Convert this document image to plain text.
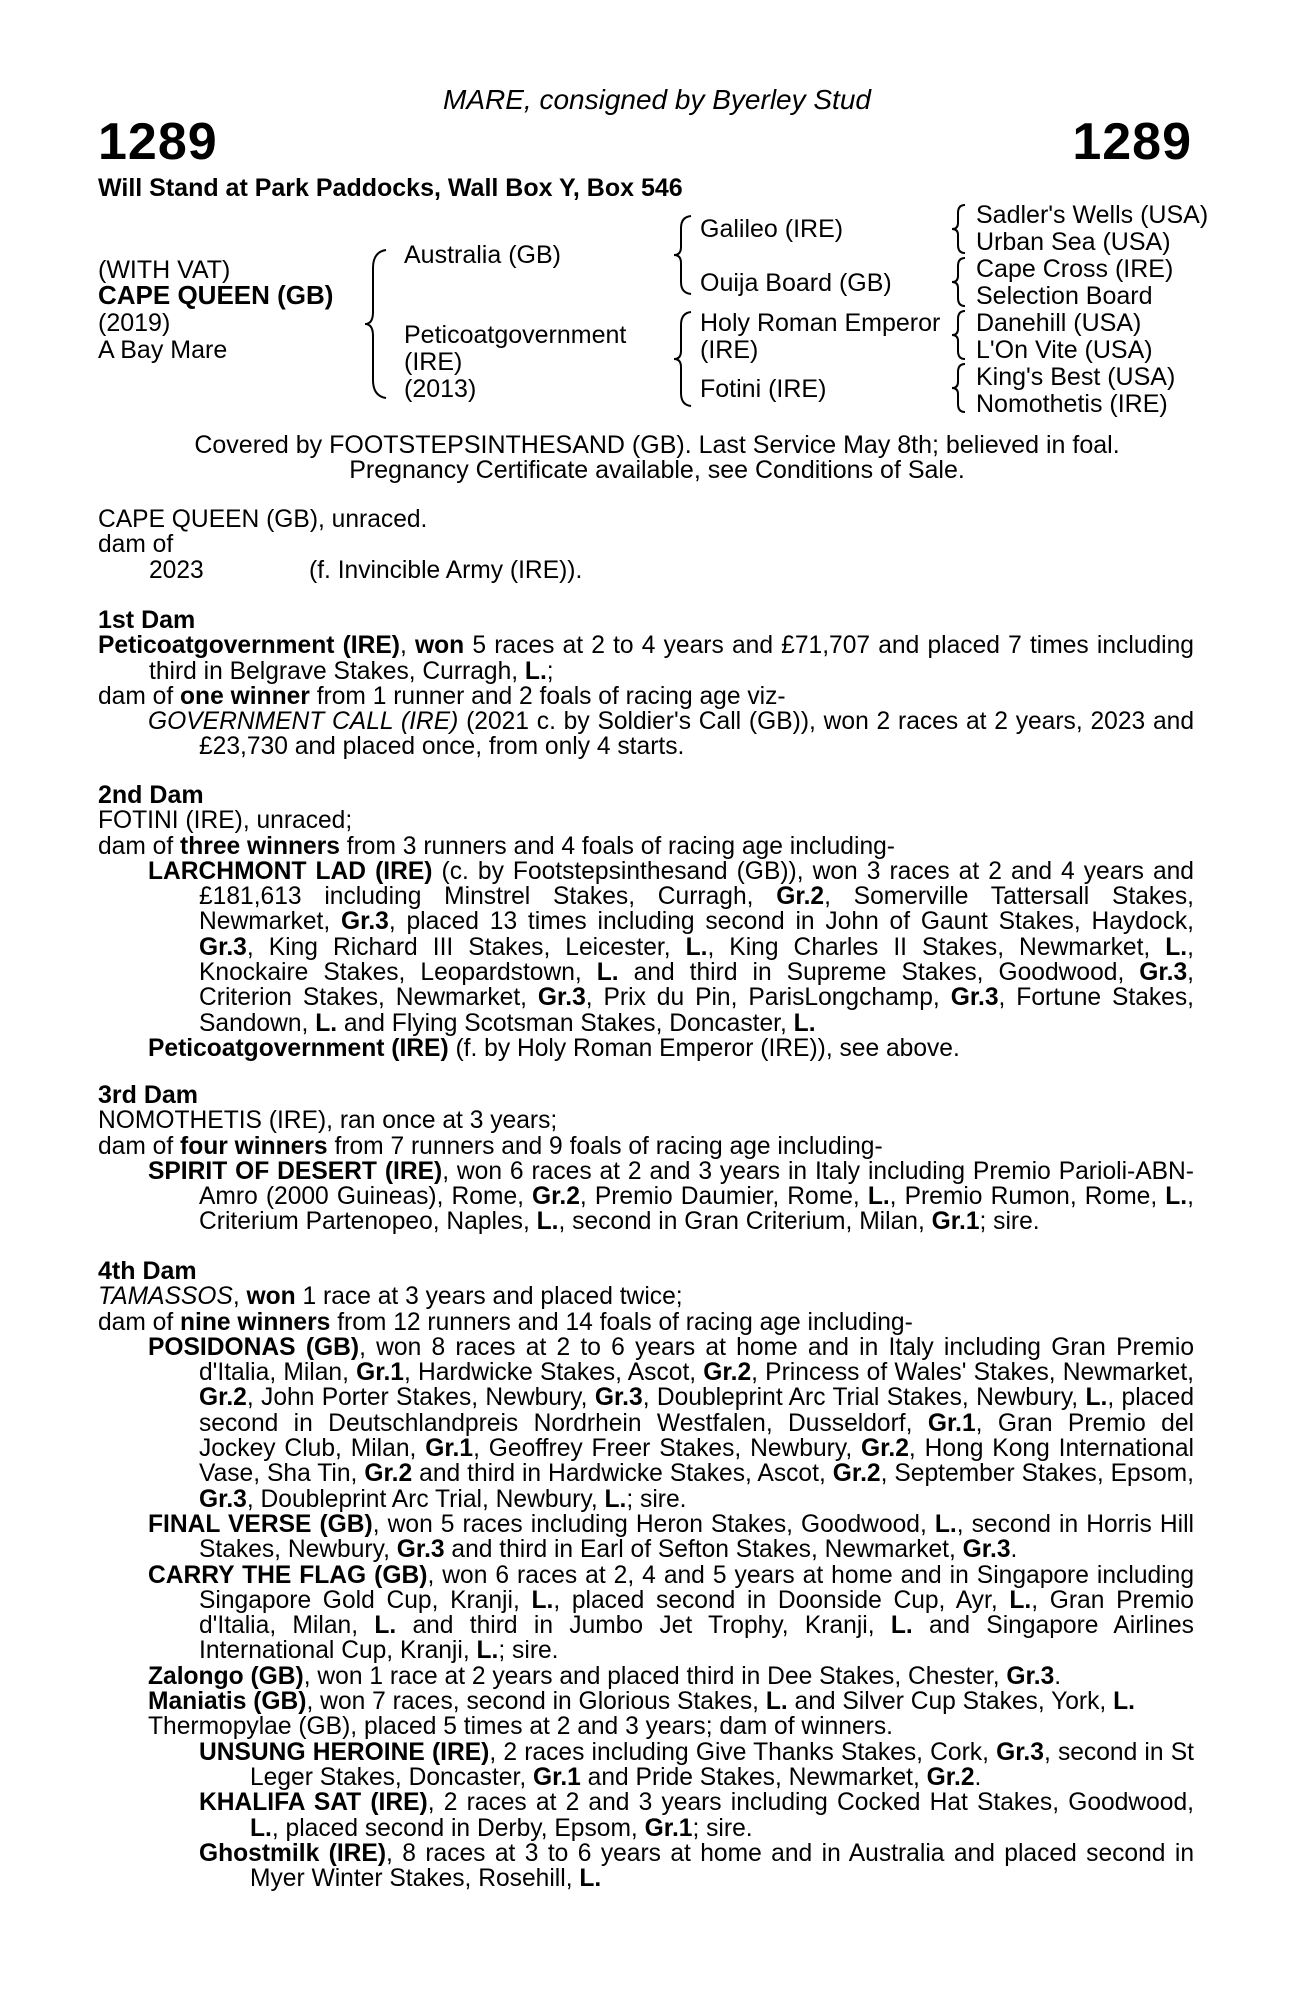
MARE, consigned by Byerley Stud
1289	1289
Will Stand at Park Paddocks, Wall Box Y, Box 546
(WITH VAT)
CAPE QUEEN (GB)
(2019)
A Bay Mare
Australia (GB)
Peticoatgovernment
(IRE)
(2013)
Galileo (IRE)
Ouija Board (GB)
Holy Roman Emperor
(IRE)
Fotini (IRE)
Sadler's Wells (USA)
Urban Sea (USA)
Cape Cross (IRE)
Selection Board
Danehill (USA)
L'On Vite (USA)
King's Best (USA)
Nomothetis (IRE)
Covered by FOOTSTEPSINTHESAND (GB). Last Service May 8th; believed in foal.
Pregnancy Certificate available, see Conditions of Sale.

CAPE QUEEN (GB), unraced.

dam of

2023	(f. Invincible Army (IRE)).

1st Dam

Peticoatgovernment (IRE), won 5 races at 2 to 4 years and £71,707 and placed 7 times including third in Belgrave Stakes, Curragh, L.;

dam of one winner from 1 runner and 2 foals of racing age viz-

GOVERNMENT CALL (IRE) (2021 c. by Soldier's Call (GB)), won 2 races at 2 years, 2023 and £23,730 and placed once, from only 4 starts.

2nd Dam

FOTINI (IRE), unraced;

dam of three winners from 3 runners and 4 foals of racing age including-

LARCHMONT LAD (IRE) (c. by Footstepsinthesand (GB)), won 3 races at 2 and 4 years and £181,613 including Minstrel Stakes, Curragh, Gr.2, Somerville Tattersall Stakes, Newmarket, Gr.3, placed 13 times including second in John of Gaunt Stakes, Haydock, Gr.3, King Richard III Stakes, Leicester, L., King Charles II Stakes, Newmarket, L., Knockaire Stakes, Leopardstown, L. and third in Supreme Stakes, Goodwood, Gr.3, Criterion Stakes, Newmarket, Gr.3, Prix du Pin, ParisLongchamp, Gr.3, Fortune Stakes, Sandown, L. and Flying Scotsman Stakes, Doncaster, L.

Peticoatgovernment (IRE) (f. by Holy Roman Emperor (IRE)), see above.

3rd Dam

NOMOTHETIS (IRE), ran once at 3 years;

dam of four winners from 7 runners and 9 foals of racing age including-

SPIRIT OF DESERT (IRE), won 6 races at 2 and 3 years in Italy including Premio Parioli-ABN-Amro (2000 Guineas), Rome, Gr.2, Premio Daumier, Rome, L., Premio Rumon, Rome, L., Criterium Partenopeo, Naples, L., second in Gran Criterium, Milan, Gr.1; sire.

4th Dam

TAMASSOS, won 1 race at 3 years and placed twice;

dam of nine winners from 12 runners and 14 foals of racing age including-

POSIDONAS (GB), won 8 races at 2 to 6 years at home and in Italy including Gran Premio d'Italia, Milan, Gr.1, Hardwicke Stakes, Ascot, Gr.2, Princess of Wales' Stakes, Newmarket, Gr.2, John Porter Stakes, Newbury, Gr.3, Doubleprint Arc Trial Stakes, Newbury, L., placed second in Deutschlandpreis Nordrhein Westfalen, Dusseldorf, Gr.1, Gran Premio del Jockey Club, Milan, Gr.1, Geoffrey Freer Stakes, Newbury, Gr.2, Hong Kong International Vase, Sha Tin, Gr.2 and third in Hardwicke Stakes, Ascot, Gr.2, September Stakes, Epsom, Gr.3, Doubleprint Arc Trial, Newbury, L.; sire.

FINAL VERSE (GB), won 5 races including Heron Stakes, Goodwood, L., second in Horris Hill Stakes, Newbury, Gr.3 and third in Earl of Sefton Stakes, Newmarket, Gr.3.

CARRY THE FLAG (GB), won 6 races at 2, 4 and 5 years at home and in Singapore including Singapore Gold Cup, Kranji, L., placed second in Doonside Cup, Ayr, L., Gran Premio d'Italia, Milan, L. and third in Jumbo Jet Trophy, Kranji, L. and Singapore Airlines International Cup, Kranji, L.; sire.

Zalongo (GB), won 1 race at 2 years and placed third in Dee Stakes, Chester, Gr.3.

Maniatis (GB), won 7 races, second in Glorious Stakes, L. and Silver Cup Stakes, York, L.

Thermopylae (GB), placed 5 times at 2 and 3 years; dam of winners.

UNSUNG HEROINE (IRE), 2 races including Give Thanks Stakes, Cork, Gr.3, second in St Leger Stakes, Doncaster, Gr.1 and Pride Stakes, Newmarket, Gr.2.

KHALIFA SAT (IRE), 2 races at 2 and 3 years including Cocked Hat Stakes, Goodwood, L., placed second in Derby, Epsom, Gr.1; sire.

Ghostmilk (IRE), 8 races at 3 to 6 years at home and in Australia and placed second in Myer Winter Stakes, Rosehill, L.
